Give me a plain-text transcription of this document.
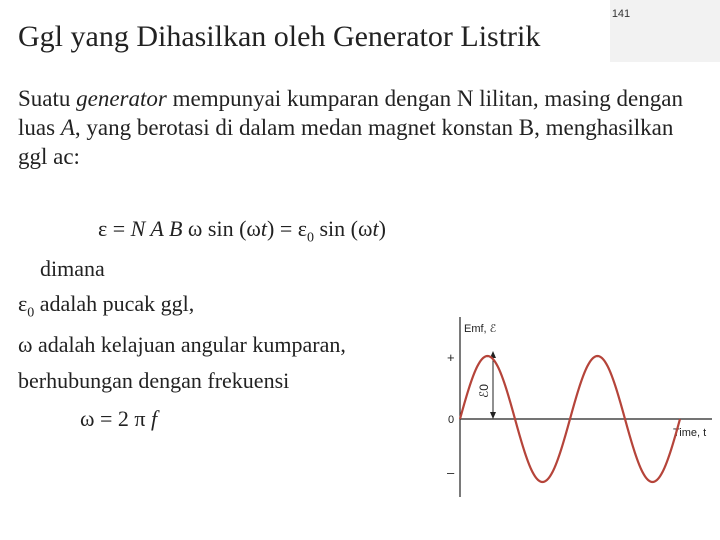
141
Ggl yang Dihasilkan oleh Generator Listrik

Suatu generator mempunyai kumparan dengan N lilitan, masing dengan luas A, yang berotasi di dalam medan magnet konstan B, menghasilkan ggl ac:

ε = N A B ω $\sin (\omega t) = \varepsilon_0$ sin (ωt)
dimana
$\varepsilon_0$ adalah pucak ggl,
ω adalah kelajuan angular kumparan,
berhubungan dengan frekuensi
ω = 2 π f
Emf, ℰ
Time, t
+
0
–
ℰ0
